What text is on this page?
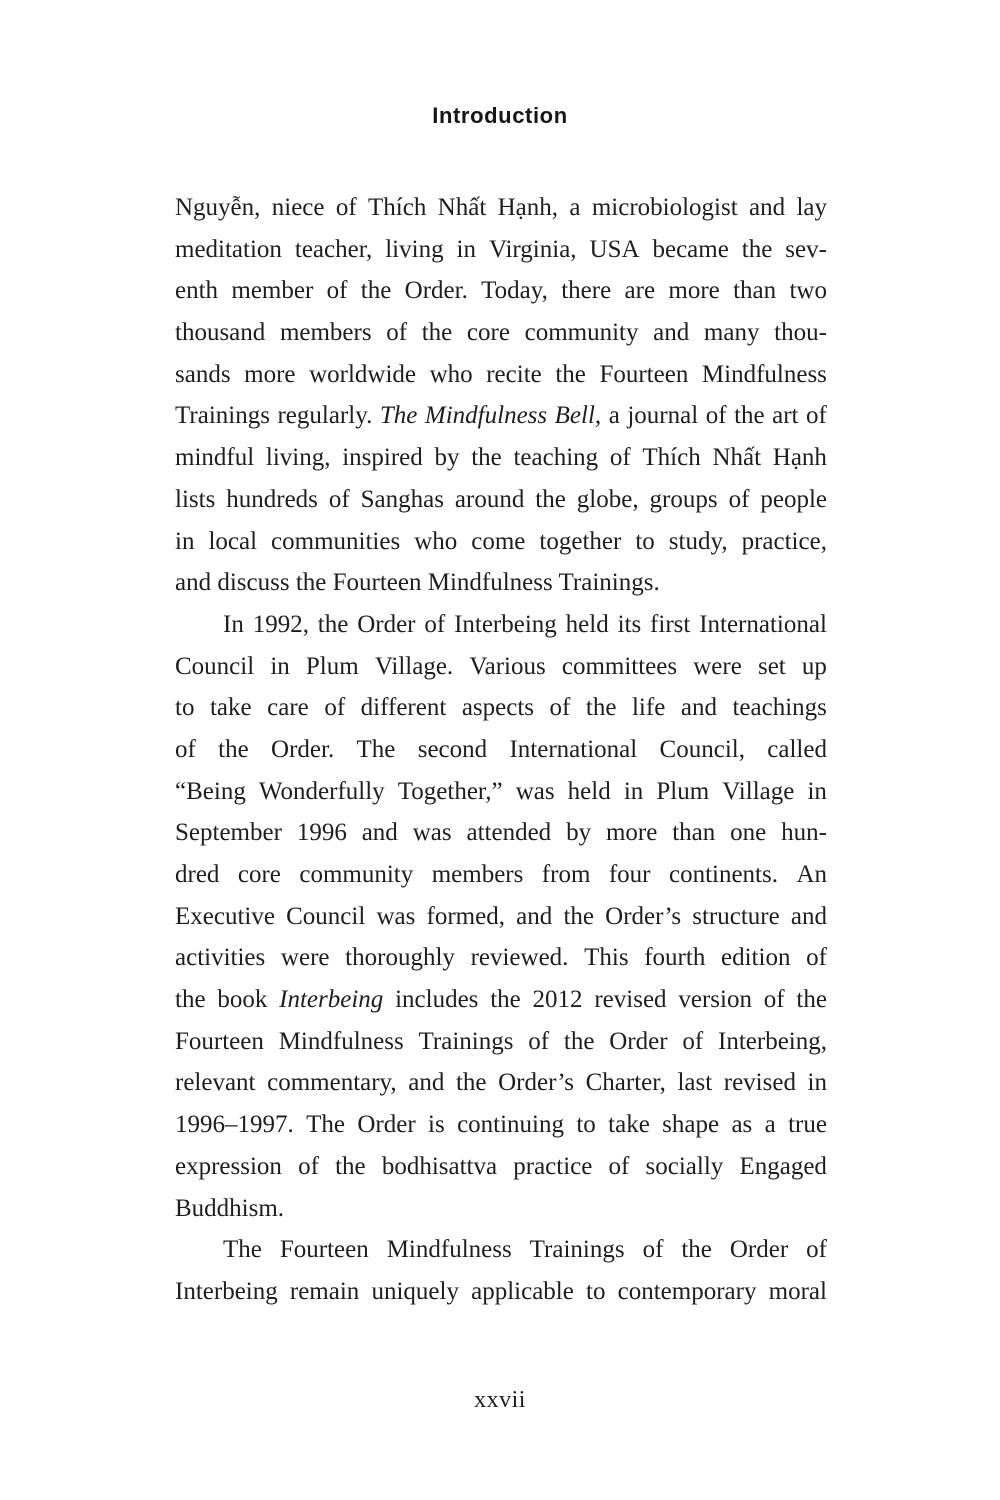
Introduction
Nguyễn, niece of Thích Nhất Hạnh, a microbiologist and lay
meditation teacher, living in Virginia, USA became the sev-
enth member of the Order. Today, there are more than two
thousand members of the core community and many thou-
sands more worldwide who recite the Fourteen Mindfulness
Trainings regularly. The Mindfulness Bell, a journal of the art of
mindful living, inspired by the teaching of Thích Nhất Hạnh
lists hundreds of Sanghas around the globe, groups of people
in local communities who come together to study, practice,
and discuss the Fourteen Mindfulness Trainings.
In 1992, the Order of Interbeing held its first International
Council in Plum Village. Various committees were set up
to take care of different aspects of the life and teachings
of the Order. The second International Council, called
“Being Wonderfully Together,” was held in Plum Village in
September 1996 and was attended by more than one hun-
dred core community members from four continents. An
Executive Council was formed, and the Order’s structure and
activities were thoroughly reviewed. This fourth edition of
the book Interbeing includes the 2012 revised version of the
Fourteen Mindfulness Trainings of the Order of Interbeing,
relevant commentary, and the Order’s Charter, last revised in
1996–1997. The Order is continuing to take shape as a true
expression of the bodhisattva practice of socially Engaged
Buddhism.
The Fourteen Mindfulness Trainings of the Order of
Interbeing remain uniquely applicable to contemporary moral
xxvii
